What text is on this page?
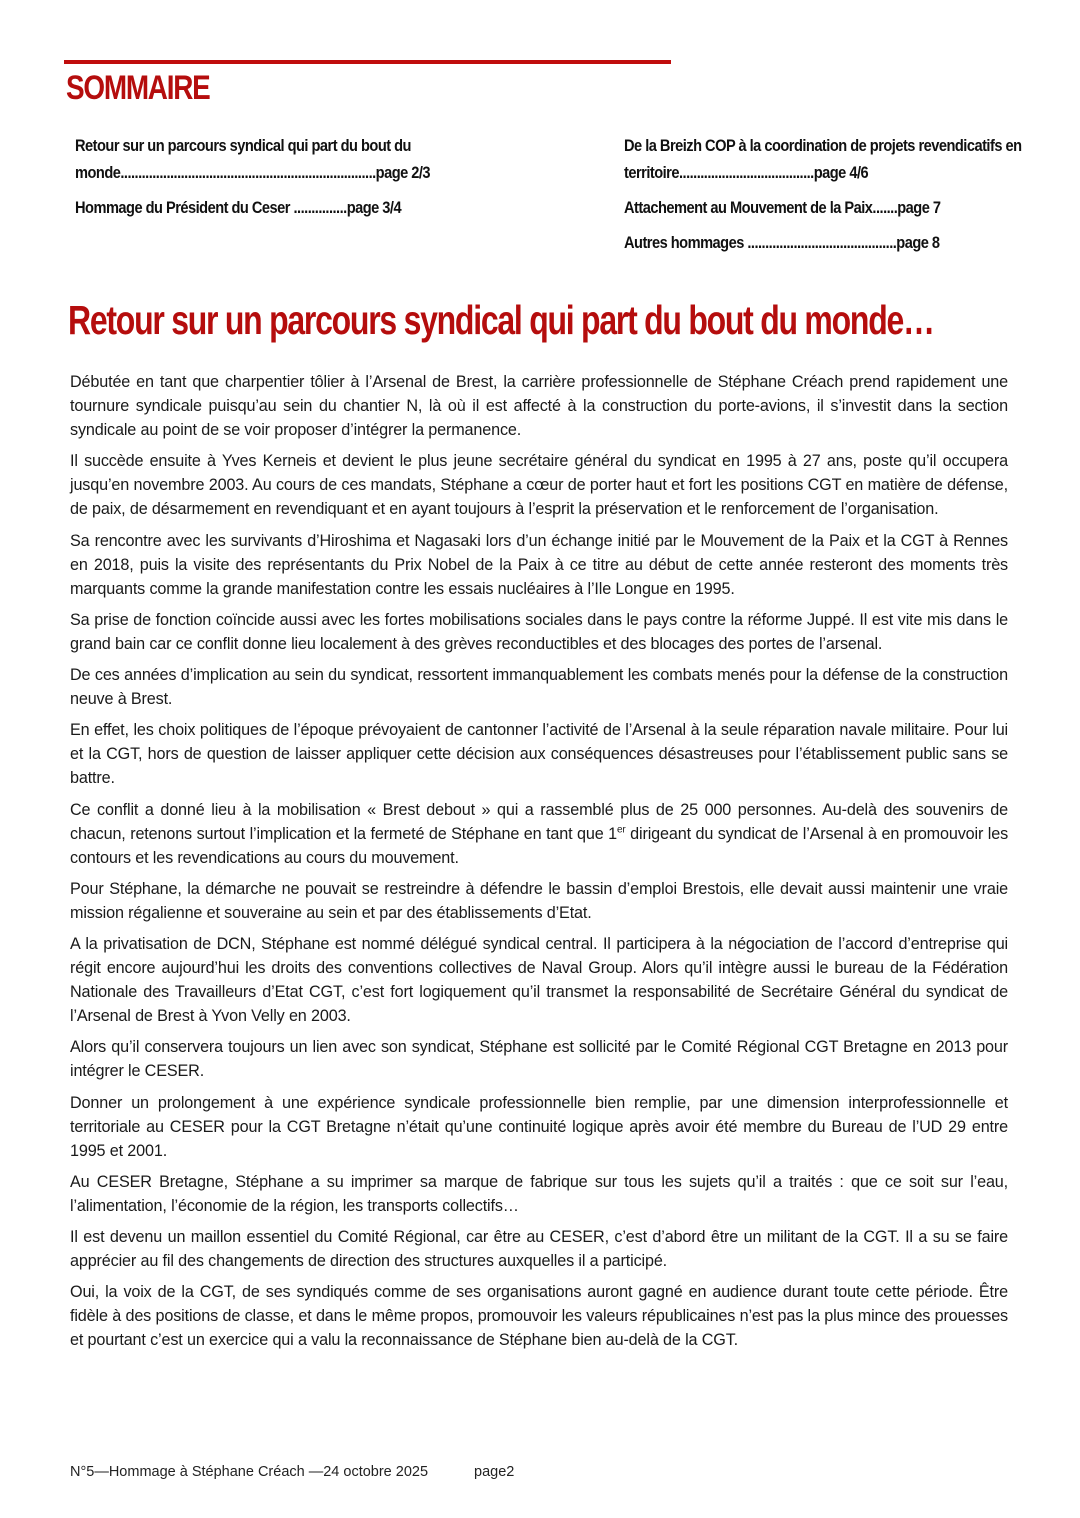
SOMMAIRE
Retour sur un parcours syndical qui part du bout du monde........................................................................page 2/3
Hommage du Président du Ceser ...............page 3/4
De la Breizh COP à la coordination de projets revendicatifs en territoire......................................page 4/6
Attachement au Mouvement de la Paix.......page 7
Autres hommages ..........................................page 8
Retour sur un parcours syndical qui part du bout du monde…

Débutée en tant que charpentier tôlier à l’Arsenal de Brest, la carrière professionnelle de Stéphane Créach prend rapidement une tournure syndicale puisqu’au sein du chantier N, là où il est affecté à la construction du porte-avions, il s’investit dans la section syndicale au point de se voir proposer d’intégrer la permanence.

Il succède ensuite à Yves Kerneis et devient le plus jeune secrétaire général du syndicat en 1995 à 27 ans, poste qu’il occupera jusqu’en novembre 2003. Au cours de ces mandats, Stéphane a cœur de porter haut et fort les positions CGT en matière de défense, de paix, de désarmement en revendiquant et en ayant toujours à l’esprit la préservation et le renforcement de l’organisation.

Sa rencontre avec les survivants d’Hiroshima et Nagasaki lors d’un échange initié par le Mouvement de la Paix et la CGT à Rennes en 2018, puis la visite des représentants du Prix Nobel de la Paix à ce titre au début de cette année resteront des moments très marquants comme la grande manifestation contre les essais nucléaires à l’Ile Longue en 1995.

Sa prise de fonction coïncide aussi avec les fortes mobilisations sociales dans le pays contre la réforme Juppé. Il est vite mis dans le grand bain car ce conflit donne lieu localement à des grèves reconductibles et des blocages des portes de l’arsenal.

De ces années d’implication au sein du syndicat, ressortent immanquablement les combats menés pour la défense de la construction neuve à Brest.

En effet, les choix politiques de l’époque prévoyaient de cantonner l’activité de l’Arsenal à la seule réparation navale militaire. Pour lui et la CGT, hors de question de laisser appliquer cette décision aux conséquences désastreuses pour l’établissement public sans se battre.

Ce conflit a donné lieu à la mobilisation « Brest debout » qui a rassemblé plus de 25 000 personnes. Au-delà des souvenirs de chacun, retenons surtout l’implication et la fermeté de Stéphane en tant que 1er dirigeant du syndicat de l’Arsenal à en promouvoir les contours et les revendications au cours du mouvement.

Pour Stéphane, la démarche ne pouvait se restreindre à défendre le bassin d’emploi Brestois, elle devait aussi maintenir une vraie mission régalienne et souveraine au sein et par des établissements d’Etat.

A la privatisation de DCN, Stéphane est nommé délégué syndical central. Il participera à la négociation de l’accord d’entreprise qui régit encore aujourd’hui les droits des conventions collectives de Naval Group. Alors qu’il intègre aussi le bureau de la Fédération Nationale des Travailleurs d’Etat CGT, c’est fort logiquement qu’il transmet la responsabilité de Secrétaire Général du syndicat de l’Arsenal de Brest à Yvon Velly en 2003.

Alors qu’il conservera toujours un lien avec son syndicat, Stéphane est sollicité par le Comité Régional CGT Bretagne en 2013 pour intégrer le CESER.

Donner un prolongement à une expérience syndicale professionnelle bien remplie, par une dimension interprofessionnelle et territoriale au CESER pour la CGT Bretagne n’était qu’une continuité logique après avoir été membre du Bureau de l’UD 29 entre 1995 et 2001.

Au CESER Bretagne, Stéphane a su imprimer sa marque de fabrique sur tous les sujets qu’il a traités : que ce soit sur l’eau, l’alimentation, l’économie de la région, les transports collectifs…

Il est devenu un maillon essentiel du Comité Régional, car être au CESER, c’est d’abord être un militant de la CGT. Il a su se faire apprécier au fil des changements de direction des structures auxquelles il a participé.

Oui, la voix de la CGT, de ses syndiqués comme de ses organisations auront gagné en audience durant toute cette période. Être fidèle à des positions de classe, et dans le même propos, promouvoir les valeurs républicaines n’est pas la plus mince des prouesses et pourtant c’est un exercice qui a valu la reconnaissance de Stéphane bien au-delà de la CGT.

N°5—Hommage à Stéphane Créach —24 octobre 2025	page2
